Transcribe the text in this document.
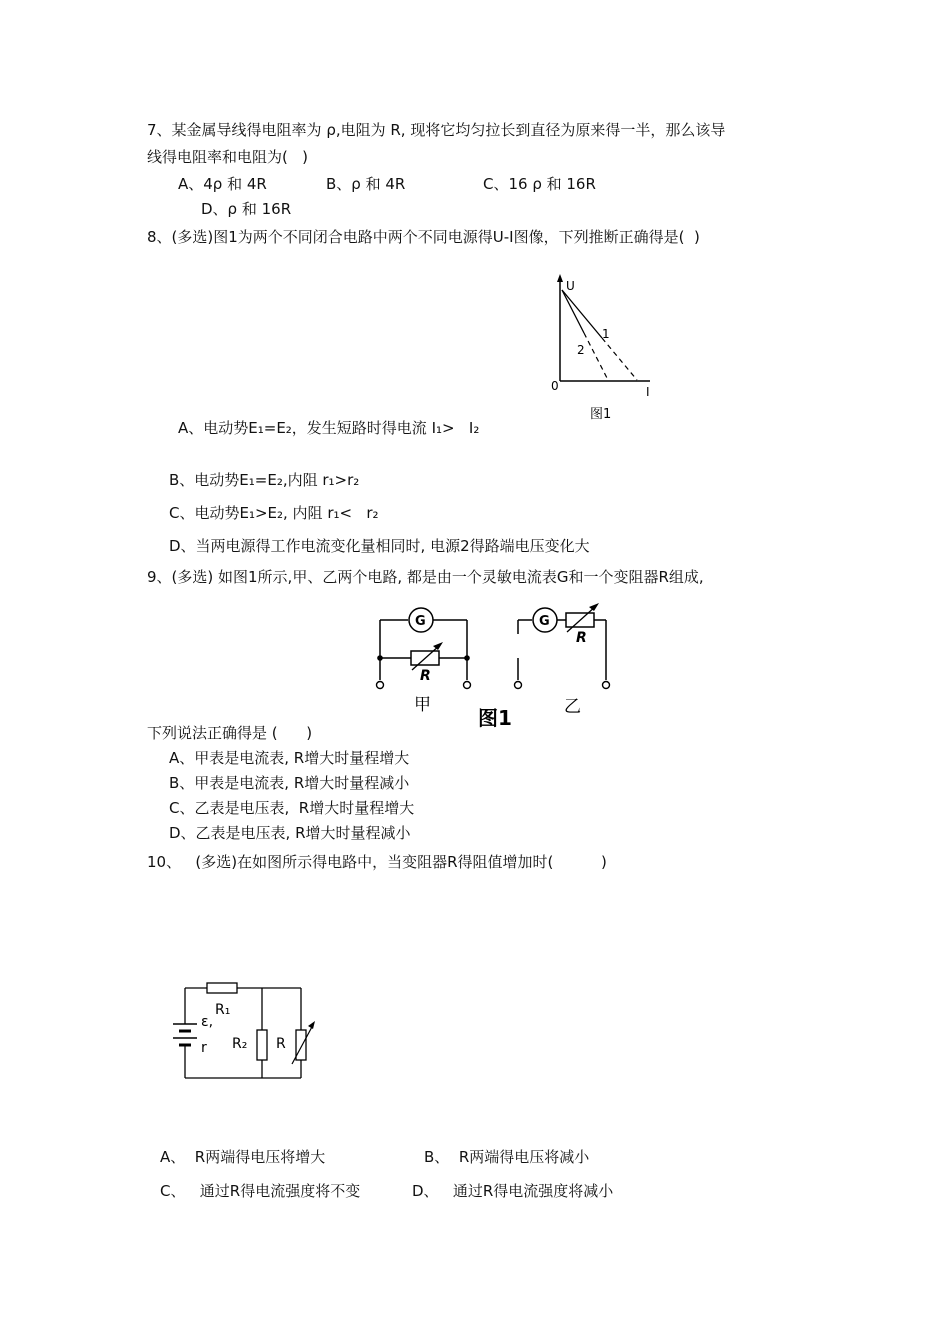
7、某金属导线得电阻率为 ρ,电阻为 R, 现将它均匀拉长到直径为原来得一半，那么该导
线得电阻率和电阻为(   )
A、4ρ 和 4R	B、ρ 和 4R	C、16 ρ 和 16R
D、ρ 和 16R
8、(多选)图1为两个不同闭合电路中两个不同电源得U-I图像，下列推断正确得是(  )
U
I
0
1
2
图1
A、电动势E₁=E₂，发生短路时得电流 I₁>   I₂
B、电动势E₁=E₂,内阻 r₁>r₂
C、电动势E₁>E₂, 内阻 r₁<   r₂
D、当两电源得工作电流变化量相同时, 电源2得路端电压变化大
9、(多选) 如图1所示,甲、乙两个电路, 都是由一个灵敏电流表G和一个变阻器R组成,
G
R
甲
图1
G
R
乙
下列说法正确得是 (      )
A、甲表是电流表, R增大时量程增大
B、甲表是电流表, R增大时量程减小
C、乙表是电压表,  R增大时量程增大
D、乙表是电压表, R增大时量程减小
10、   (多选)在如图所示得电路中，当变阻器R得阻值增加时(          )
R₁
ε,
r R₂ R
A、  R两端得电压将增大	B、  R两端得电压将减小
C、   通过R得电流强度将不变	D、   通过R得电流强度将减小
